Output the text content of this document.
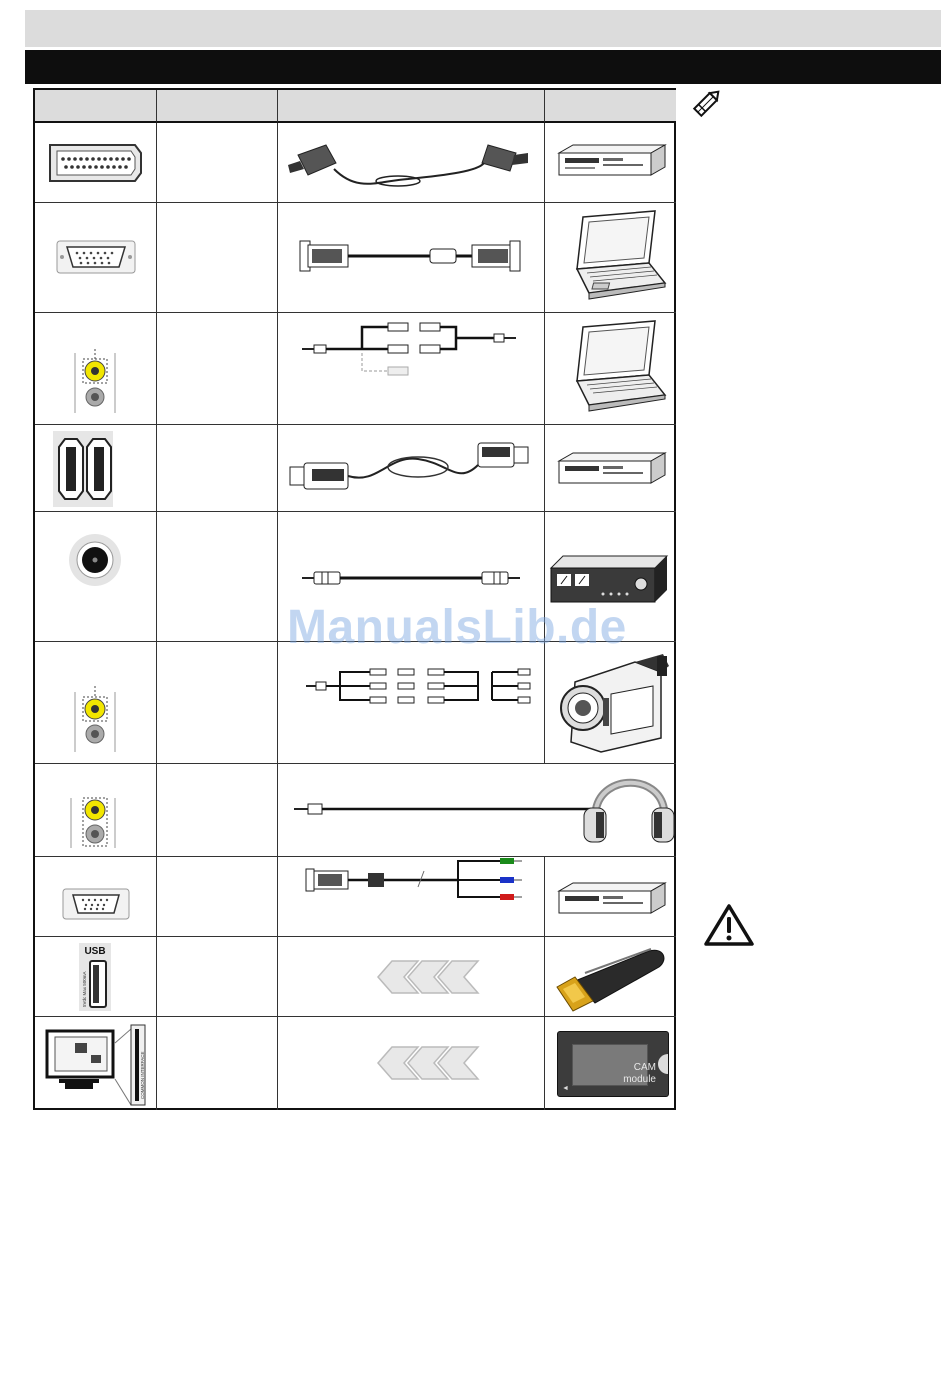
USB
5Vdc Max 500mA
COMMON INTERFACE	CAM
module
◄
ManualsLib.de
